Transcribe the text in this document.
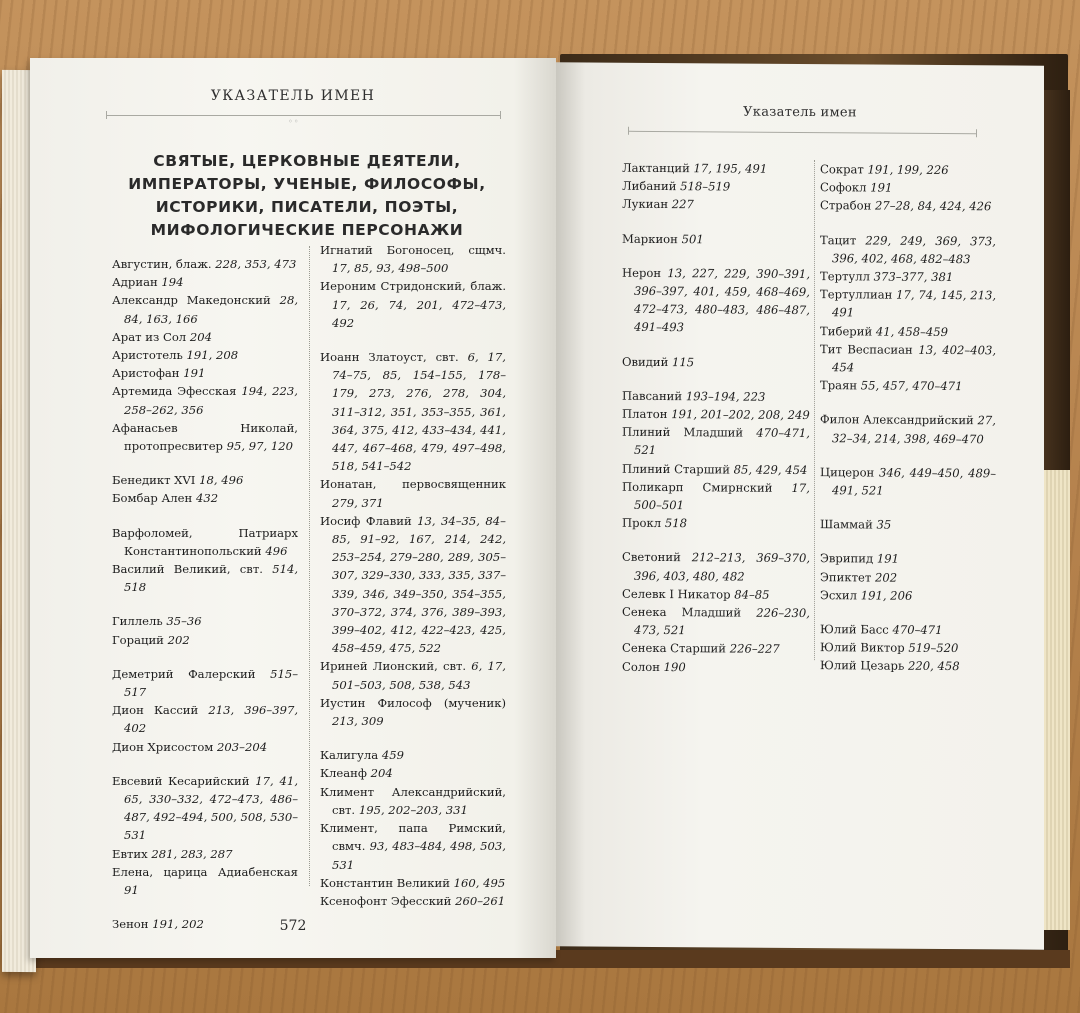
УКАЗАТЕЛЬ ИМЕН
◦◦
СВЯТЫЕ, ЦЕРКОВНЫЕ ДЕЯТЕЛИ,
ИМПЕРАТОРЫ, УЧЕНЫЕ, ФИЛОСОФЫ,
ИСТОРИКИ, ПИСАТЕЛИ, ПОЭТЫ,
МИФОЛОГИЧЕСКИЕ ПЕРСОНАЖИ
Августин, блаж. 228, 353, 473
Адриан 194
Александр Македонский 28, 84, 163, 166
Арат из Сол 204
Аристотель 191, 208
Аристофан 191
Артемида Эфесская 194, 223, 258–262, 356
Афанасьев Николай, протопресвитер 95, 97, 120
Бенедикт XVI 18, 496
Бомбар Ален 432
Варфоломей, Патриарх Константинопольский 496
Василий Великий, свт. 514, 518
Гиллель 35–36
Гораций 202
Деметрий Фалерский 515–517
Дион Кассий 213, 396–397, 402
Дион Хрисостом 203–204
Евсевий Кесарийский 17, 41, 65, 330–332, 472–473, 486–487, 492–494, 500, 508, 530–531
Евтих 281, 283, 287
Елена, царица Адиабенская 91
Зенон 191, 202
Игнатий Богоносец, сщмч. 17, 85, 93, 498–500
Иероним Стридонский, блаж. 17, 26, 74, 201, 472–473, 492
Иоанн Златоуст, свт. 6, 17, 74–75, 85, 154–155, 178–179, 273, 276, 278, 304, 311–312, 351, 353–355, 361, 364, 375, 412, 433–434, 441, 447, 467–468, 479, 497–498, 518, 541–542
Ионатан, первосвященник 279, 371
Иосиф Флавий 13, 34–35, 84–85, 91–92, 167, 214, 242, 253–254, 279–280, 289, 305–307, 329–330, 333, 335, 337–339, 346, 349–350, 354–355, 370–372, 374, 376, 389–393, 399–402, 412, 422–423, 425, 458–459, 475, 522
Ириней Лионский, свт. 6, 17, 501–503, 508, 538, 543
Иустин Философ (мученик) 213, 309
Калигула 459
Клеанф 204
Климент Александрийский, свт. 195, 202–203, 331
Климент, папа Римский, свмч. 93, 483–484, 498, 503, 531
Константин Великий 160, 495
Ксенофонт Эфесский 260–261
572
Указатель имен
Лактанций 17, 195, 491
Либаний 518–519
Лукиан 227
Маркион 501
Нерон 13, 227, 229, 390–391, 396–397, 401, 459, 468–469, 472–473, 480–483, 486–487, 491–493
Овидий 115
Павсаний 193–194, 223
Платон 191, 201–202, 208, 249
Плиний Младший 470–471, 521
Плиний Старший 85, 429, 454
Поликарп Смирнский 17, 500–501
Прокл 518
Светоний 212–213, 369–370, 396, 403, 480, 482
Селевк I Никатор 84–85
Сенека Младший 226–230, 473, 521
Сенека Старший 226–227
Солон 190
Сократ 191, 199, 226
Софокл 191
Страбон 27–28, 84, 424, 426
Тацит 229, 249, 369, 373, 396, 402, 468, 482–483
Тертулл 373–377, 381
Тертуллиан 17, 74, 145, 213, 491
Тиберий 41, 458–459
Тит Веспасиан 13, 402–403, 454
Траян 55, 457, 470–471
Филон Александрийский 27, 32–34, 214, 398, 469–470
Цицерон 346, 449–450, 489–491, 521
Шаммай 35
Эврипид 191
Эпиктет 202
Эсхил 191, 206
Юлий Басс 470–471
Юлий Виктор 519–520
Юлий Цезарь 220, 458
